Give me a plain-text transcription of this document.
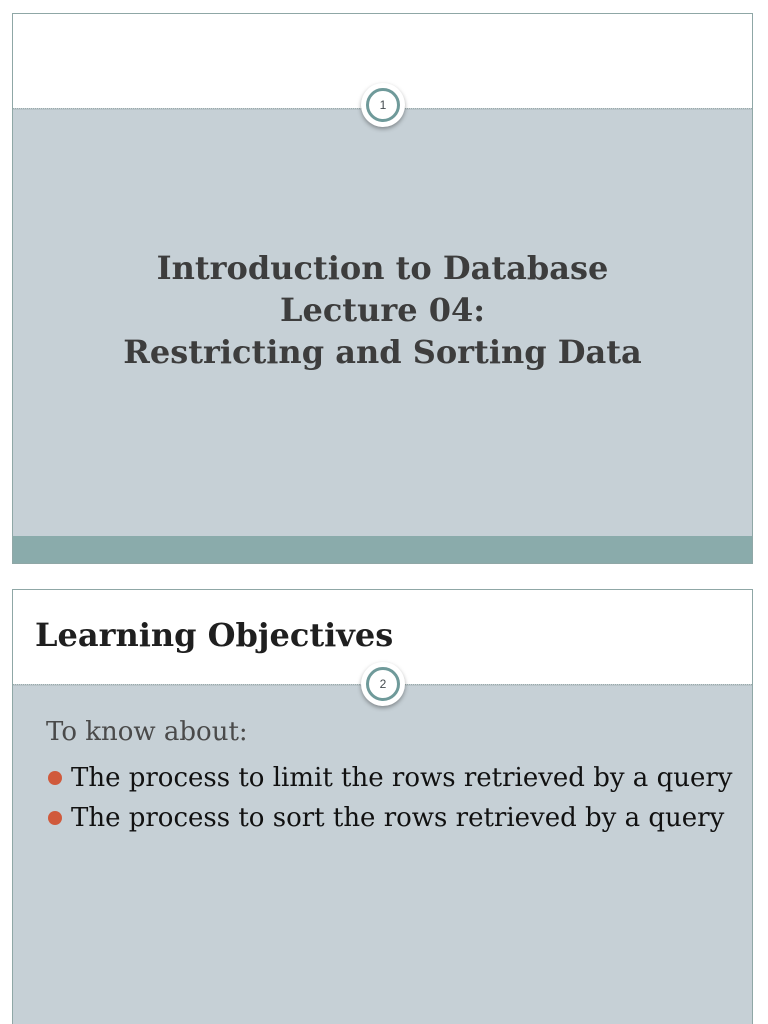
1
Introduction to Database
Lecture 04:
Restricting and Sorting Data
Learning Objectives
2
To know about:
The process to limit the rows retrieved by a query
The process to sort the rows retrieved by a query
